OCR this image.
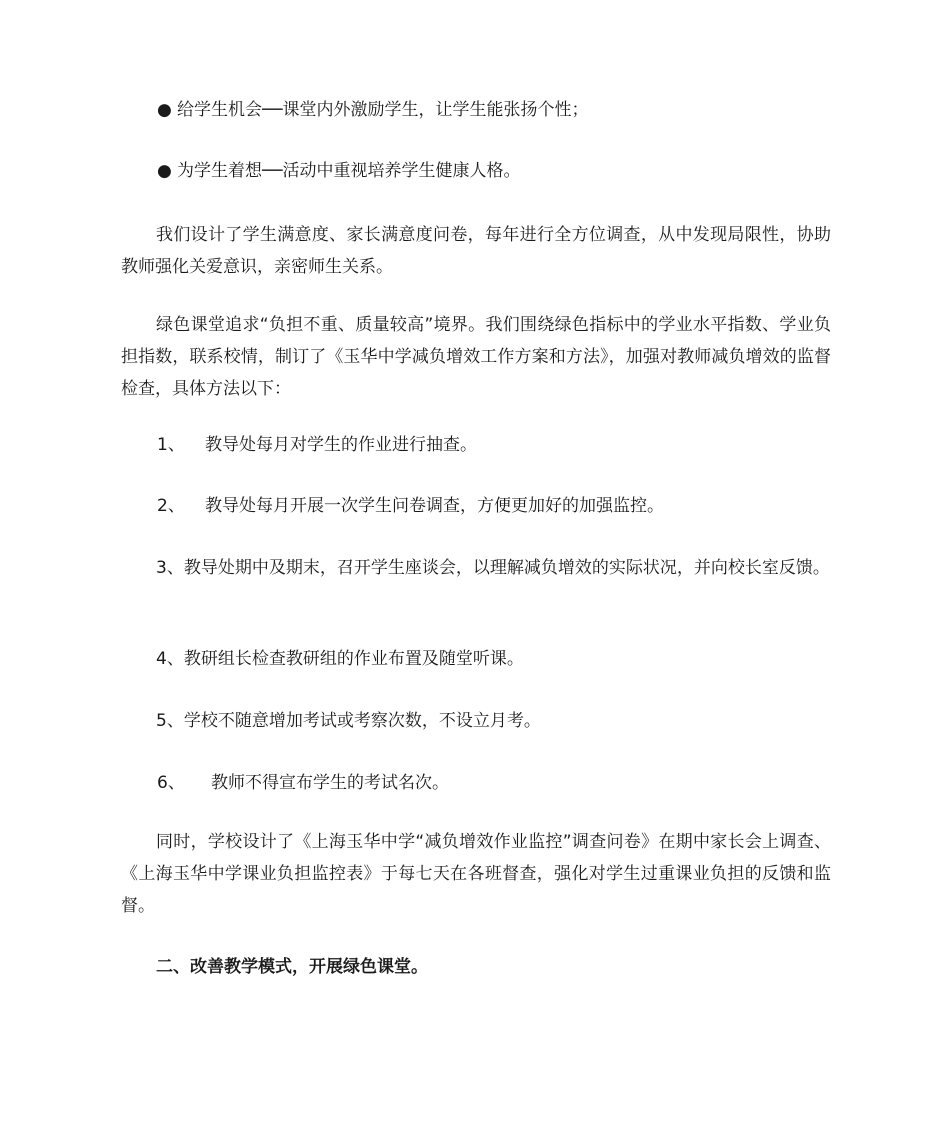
● 给学生机会──课堂内外激励学生，让学生能张扬个性；

● 为学生着想──活动中重视培养学生健康人格。

我们设计了学生满意度、家长满意度问卷，每年进行全方位调查，从中发现局限性，协助教师强化关爱意识，亲密师生关系。

绿色课堂追求“负担不重、质量较高”境界。我们围绕绿色指标中的学业水平指数、学业负担指数，联系校情，制订了《玉华中学减负增效工作方案和方法》，加强对教师减负增效的监督检查，具体方法以下：

1、 教导处每月对学生的作业进行抽查。

2、 教导处每月开展一次学生问卷调查，方便更加好的加强监控。

3、教导处期中及期末，召开学生座谈会，以理解减负增效的实际状况，并向校长室反馈。

4、教研组长检查教研组的作业布置及随堂听课。

5、学校不随意增加考试或考察次数，不设立月考。

6、 教师不得宣布学生的考试名次。

同时，学校设计了《上海玉华中学“减负增效作业监控”调查问卷》在期中家长会上调查、《上海玉华中学课业负担监控表》于每七天在各班督查，强化对学生过重课业负担的反馈和监督。

二、改善教学模式，开展绿色课堂。
